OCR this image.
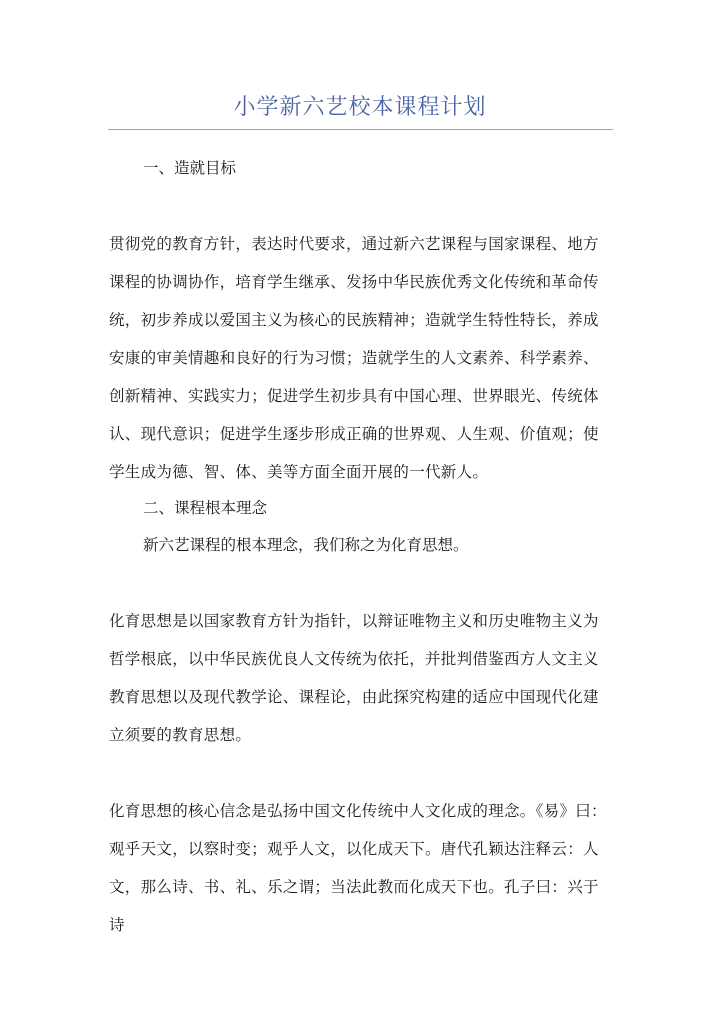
小学新六艺校本课程计划
一、造就目标

贯彻党的教育方针，表达时代要求，通过新六艺课程与国家课程、地方课程的协调协作，培育学生继承、发扬中华民族优秀文化传统和革命传统，初步养成以爱国主义为核心的民族精神；造就学生特性特长，养成安康的审美情趣和良好的行为习惯；造就学生的人文素养、科学素养、创新精神、实践实力；促进学生初步具有中国心理、世界眼光、传统体认、现代意识；促进学生逐步形成正确的世界观、人生观、价值观；使学生成为德、智、体、美等方面全面开展的一代新人。

二、课程根本理念

新六艺课程的根本理念，我们称之为化育思想。

化育思想是以国家教育方针为指针，以辩证唯物主义和历史唯物主义为哲学根底，以中华民族优良人文传统为依托，并批判借鉴西方人文主义教育思想以及现代教学论、课程论，由此探究构建的适应中国现代化建立须要的教育思想。

化育思想的核心信念是弘扬中国文化传统中人文化成的理念。《易》曰：观乎天文，以察时变；观乎人文，以化成天下。唐代孔颖达注释云：人文，那么诗、书、礼、乐之谓；当法此教而化成天下也。孔子曰：兴于诗
